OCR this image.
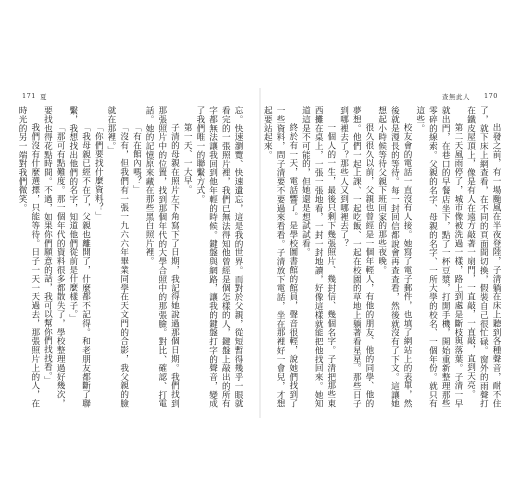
171 夏

忘。快速瀏覽、快速遺忘，這是我的世界。而對於父親，從短暫得幾乎一眼就看完的一張照片裡，我們已無法得知他曾經是個怎樣的人，鍵盤上敲出的所有字都無法讓我回到他年輕的時候。鍵盤與網路，讓我的鍵盤打字的聲音，變成了我們唯一的聯繫方式。

第一天、一大早。

子清的母親在照片左下角寫下了日期，我記得她說過那個日期。我們找到那張照片中的位置，找到那個年代的大學合照中的那張臉。對比、確認、打電話。她的記憶原來藏在那些黑白照片裡。

「有在館內嗎？」

「沒有，但我們有一張一九六六年畢業同學在天文門的合影，我父親的臉就在那裡。」

「你們要找什麼資料？」

「我母親已經不在了，父親也離開了，什麼都不記得。和老朋友都斷了聯繫，我想找出他們的名字，知道他們從前是什麼樣子。」

「那可有點難度。那一個年代的資料很多都散失了，學校整理過好幾次，要找也得花點時間。不過，如果你們願意的話，我可以幫你們找找看。」

我們沒有什麼選擇，只能等待。日子一天一天過去，那張照片上的人，在時光的另一端對我們微笑。

查無此人 170

出發之前，有一場颱風在半夜登陸，子清躺在床上聽到各種聲音，耐不住了，就下床上網查看，在不同的頁面間切換，假裝自己很忙碌。窗外的雨聲打在鐵皮屋頂上，像是有人在遠方敲著一扇門，一直敲，一直敲，直到天亮。

第二天風雨停了，城市像被洗過一樣，路上到處是斷枝與落葉。子清一早就出門，在巷口的早餐店坐下，點了一杯豆漿，打開手機，開始重新整理那些零碎的線索。父親的名字、母親的名字、一所大學的校名、一個年份。就只有這些。

校友會的電話一直沒有人接。她寫了電子郵件，也填了網站上的表單，然後就是漫長的等待。每一封回信都說會再查查看，然後就沒有了下文。這讓她想起小時候等待父親下班回家的那些夜晚。

很久很久以前，父親也曾經是一個年輕人，有他的朋友、他的同學、他的夢想。他們一起上課、一起吃飯、一起在校園的草地上躺著看星星。那些日子到哪裡去了？那些人又到哪裡去了？

一個人的一生，最後只剩下幾張照片、幾封信、幾個名字。子清把那些東西攤在桌上，一張一張地看，一封一封地讀，好像這樣就能把他找回來。她知道這是不可能的，但她還是想試試看。

終於有一天，電話響了。是學校圖書館的館員，聲音很輕，說她們找到了一些資料，問子清要不要過來看看。子清放下電話，坐在那裡好一會兒，才想起要站起來。
